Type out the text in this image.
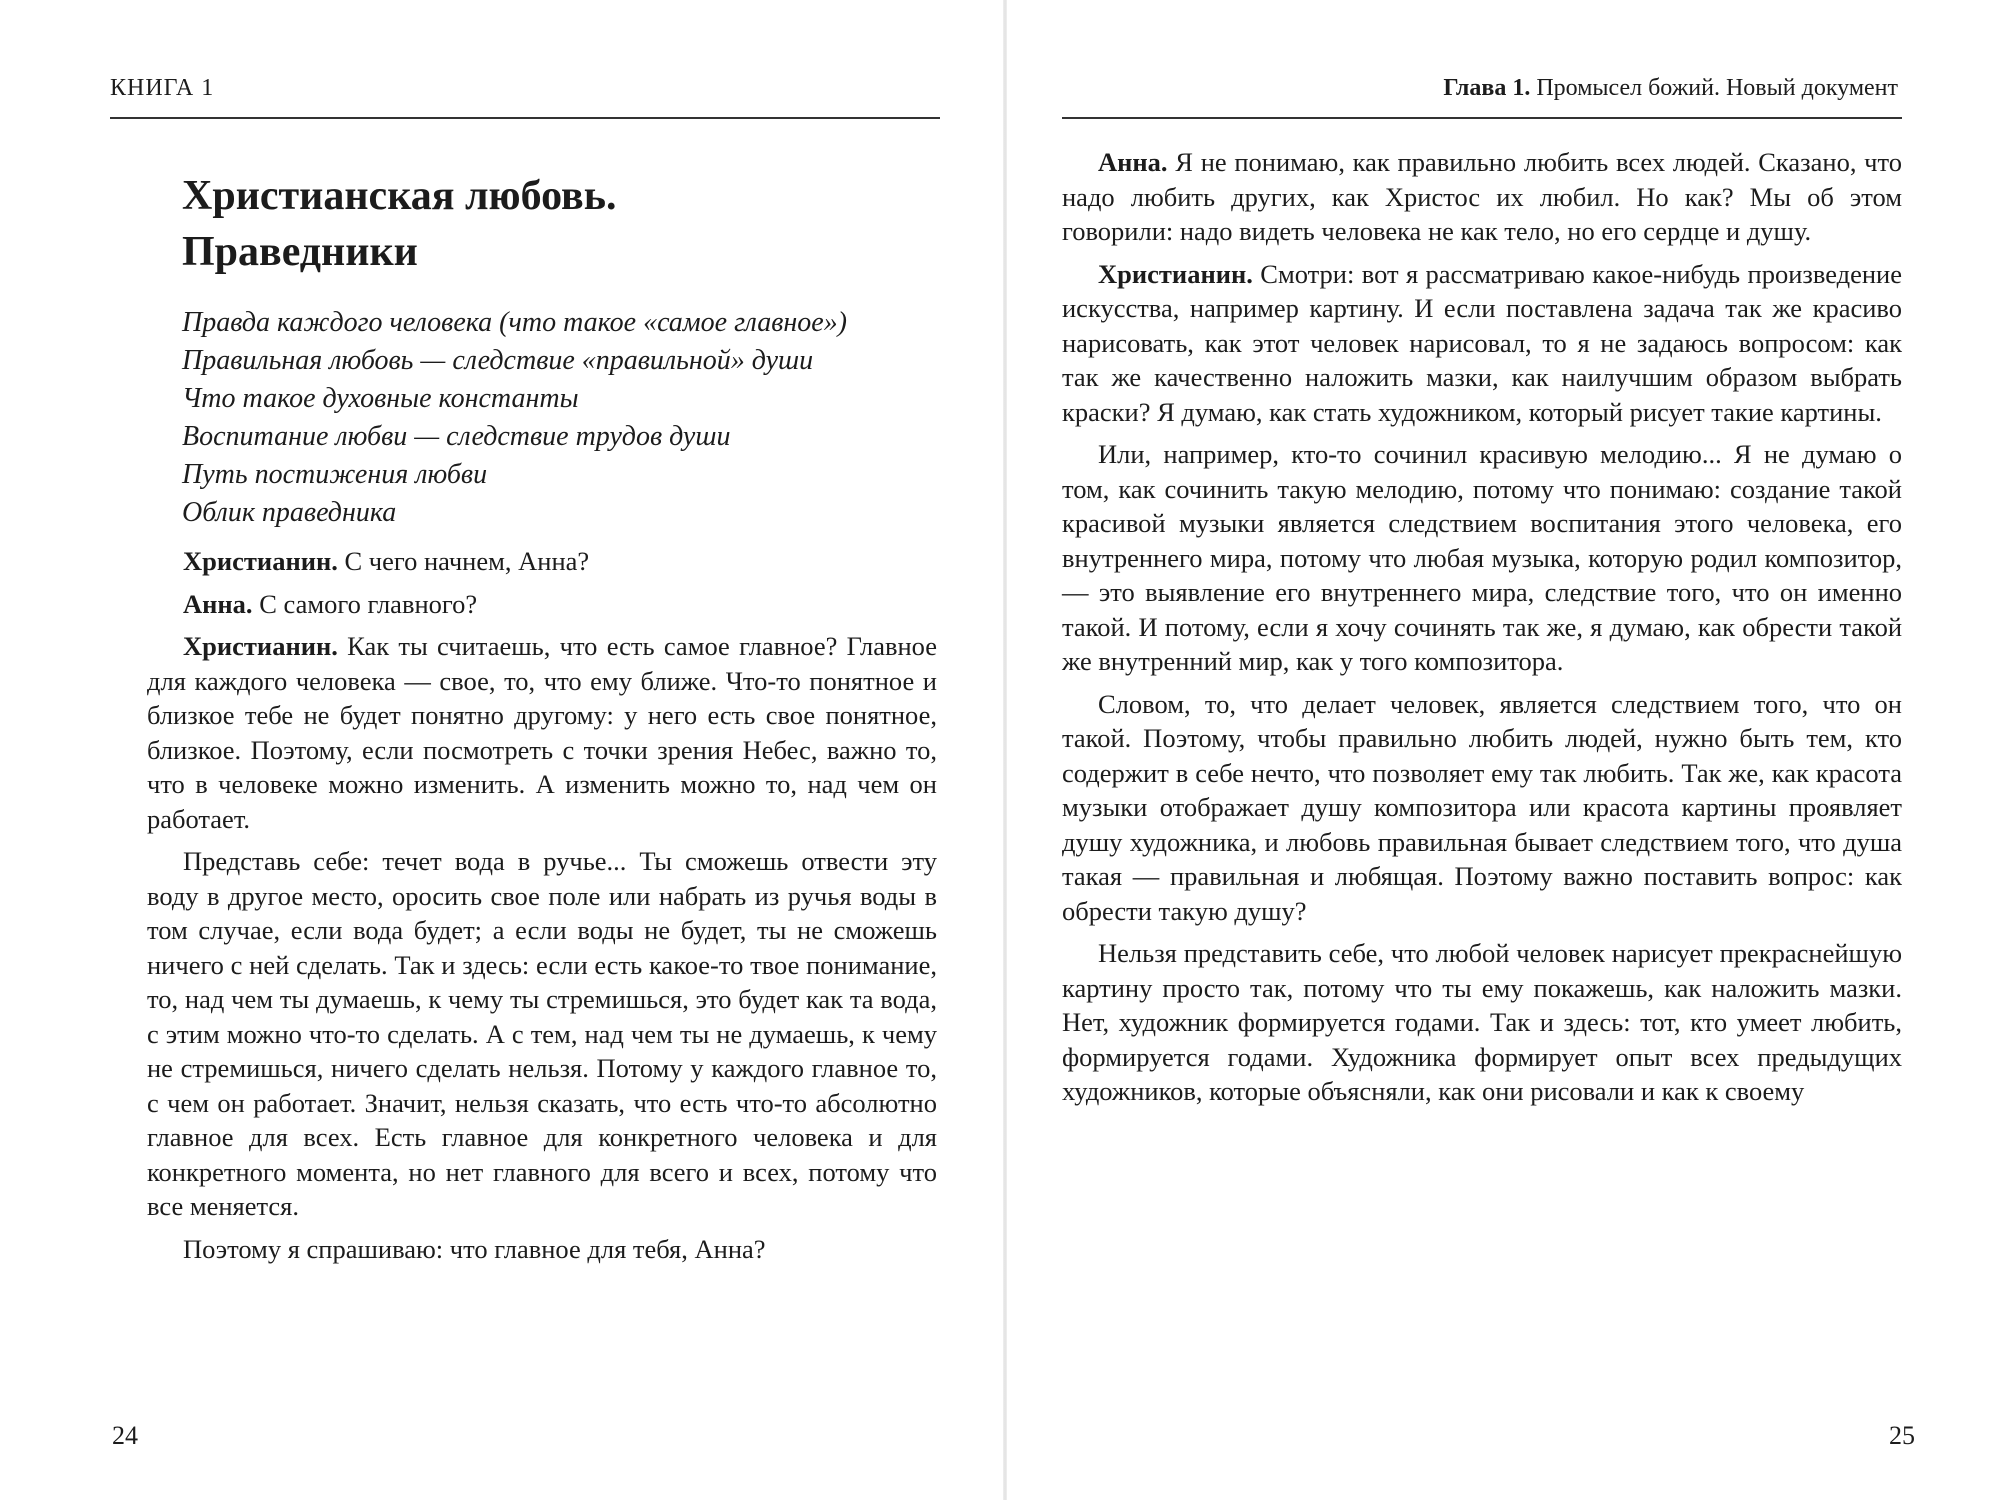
КНИГА 1
Христианская любовь.
Праведники
Правда каждого человека (что такое «самое главное»)
Правильная любовь — следствие «правильной» души
Что такое духовные константы
Воспитание любви — следствие трудов души
Путь постижения любви
Облик праведника

Христианин. С чего начнем, Анна?

Анна. С самого главного?

Христианин. Как ты считаешь, что есть самое главное? Главное для каждого человека — свое, то, что ему ближе. Что-то понятное и близкое тебе не будет понятно другому: у него есть свое понятное, близкое. Поэтому, если посмотреть с точки зрения Небес, важно то, что в человеке можно изменить. А изменить можно то, над чем он работает.

Представь себе: течет вода в ручье... Ты сможешь отвести эту воду в другое место, оросить свое поле или набрать из ручья воды в том случае, если вода будет; а если воды не будет, ты не сможешь ничего с ней сделать. Так и здесь: если есть какое-то твое понимание, то, над чем ты думаешь, к чему ты стремишься, это будет как та вода, с этим можно что-то сделать. А с тем, над чем ты не думаешь, к чему не стремишься, ничего сделать нельзя. Потому у каждого главное то, с чем он работает. Значит, нельзя сказать, что есть что-то абсолютно главное для всех. Есть главное для конкретного человека и для конкретного момента, но нет главного для всего и всех, потому что все меняется.

Поэтому я спрашиваю: что главное для тебя, Анна?

24
Глава 1. Промысел божий. Новый документ

Анна. Я не понимаю, как правильно любить всех людей. Сказано, что надо любить других, как Христос их любил. Но как? Мы об этом говорили: надо видеть человека не как тело, но его сердце и душу.

Христианин. Смотри: вот я рассматриваю какое-нибудь произведение искусства, например картину. И если поставлена задача так же красиво нарисовать, как этот человек нарисовал, то я не задаюсь вопросом: как так же качественно наложить мазки, как наилучшим образом выбрать краски? Я думаю, как стать художником, который рисует такие картины.

Или, например, кто-то сочинил красивую мелодию... Я не думаю о том, как сочинить такую мелодию, потому что понимаю: создание такой красивой музыки является следствием воспитания этого человека, его внутреннего мира, потому что любая музыка, которую родил композитор, — это выявление его внутреннего мира, следствие того, что он именно такой. И потому, если я хочу сочинять так же, я думаю, как обрести такой же внутренний мир, как у того композитора.

Словом, то, что делает человек, является следствием того, что он такой. Поэтому, чтобы правильно любить людей, нужно быть тем, кто содержит в себе нечто, что позволяет ему так любить. Так же, как красота музыки отображает душу композитора или красота картины проявляет душу художника, и любовь правильная бывает следствием того, что душа такая — правильная и любящая. Поэтому важно поставить вопрос: как обрести такую душу?

Нельзя представить себе, что любой человек нарисует прекраснейшую картину просто так, потому что ты ему покажешь, как наложить мазки. Нет, художник формируется годами. Так и здесь: тот, кто умеет любить, формируется годами. Художника формирует опыт всех предыдущих художников, которые объясняли, как они рисовали и как к своему

25
